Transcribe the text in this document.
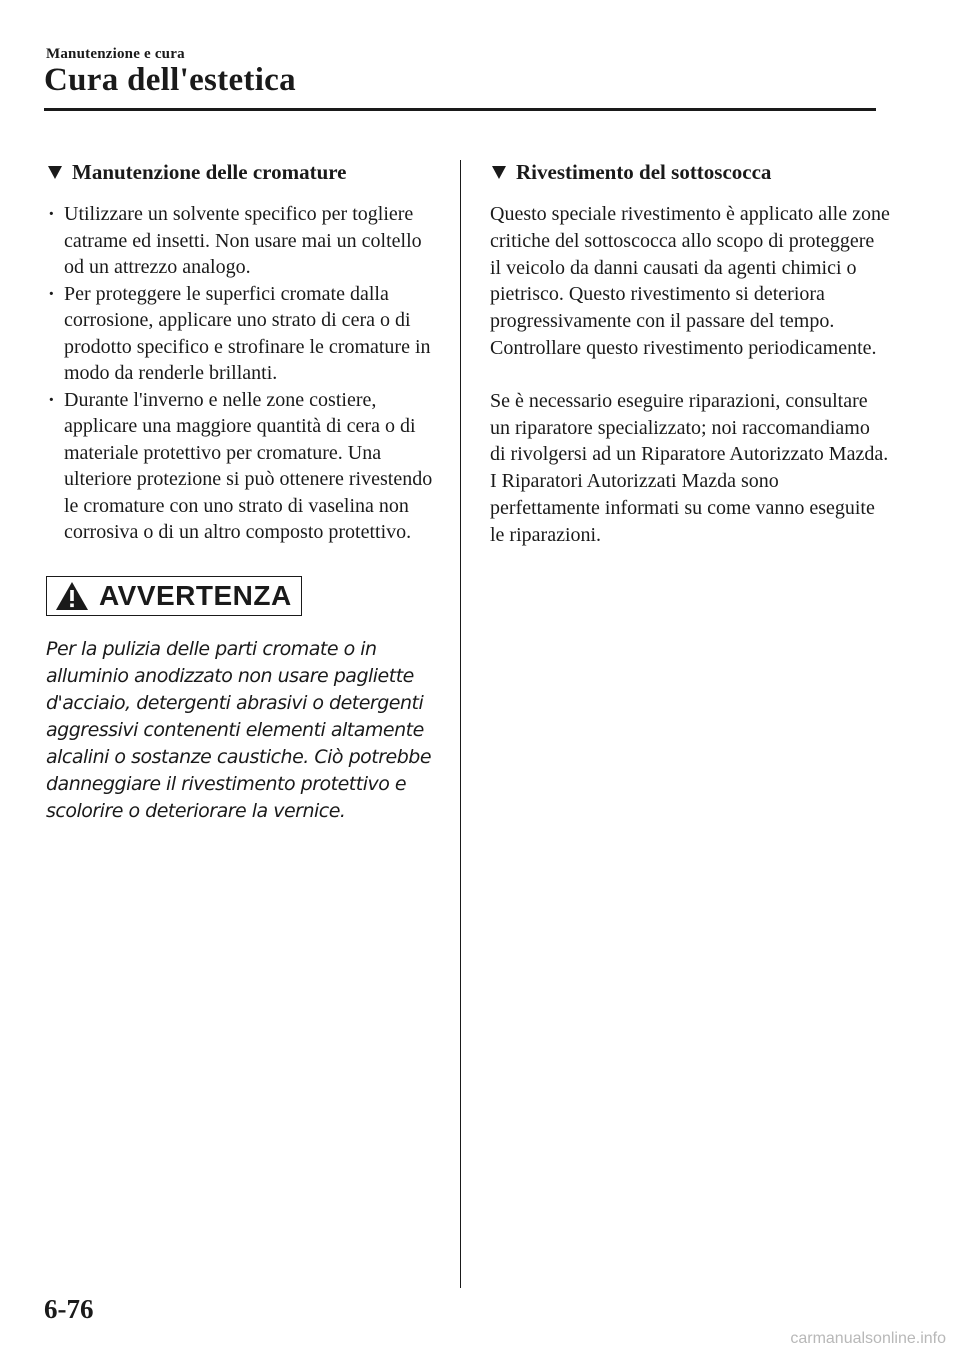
Manutenzione e cura
Cura dell'estetica
Manutenzione delle cromature
· Utilizzare un solvente specifico per togliere catrame ed insetti. Non usare mai un coltello od un attrezzo analogo.
· Per proteggere le superfici cromate dalla corrosione, applicare uno strato di cera o di prodotto specifico e strofinare le cromature in modo da renderle brillanti.
· Durante l'inverno e nelle zone costiere, applicare una maggiore quantità di cera o di materiale protettivo per cromature. Una ulteriore protezione si può ottenere rivestendo le cromature con uno strato di vaselina non corrosiva o di un altro composto protettivo.
AVVERTENZA

Per la pulizia delle parti cromate o in alluminio anodizzato non usare pagliette d'acciaio, detergenti abrasivi o detergenti aggressivi contenenti elementi altamente alcalini o sostanze caustiche. Ciò potrebbe danneggiare il rivestimento protettivo e scolorire o deteriorare la vernice.

Rivestimento del sottoscocca

Questo speciale rivestimento è applicato alle zone critiche del sottoscocca allo scopo di proteggere il veicolo da danni causati da agenti chimici o pietrisco. Questo rivestimento si deteriora progressivamente con il passare del tempo. Controllare questo rivestimento periodicamente.

Se è necessario eseguire riparazioni, consultare un riparatore specializzato; noi raccomandiamo di rivolgersi ad un Riparatore Autorizzato Mazda. I Riparatori Autorizzati Mazda sono perfettamente informati su come vanno eseguite le riparazioni.

6-76
carmanualsonline.info
